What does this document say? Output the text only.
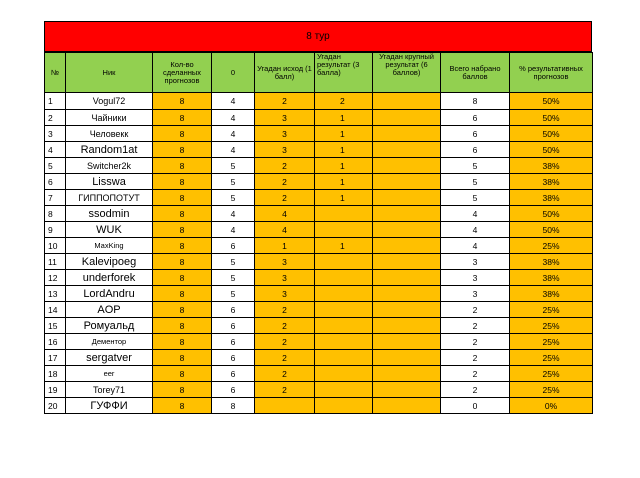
8 тур
№	Ник	Кол-во сделанных прогнозов	0	Угадан исход (1 балл)	Угадан результат (3 балла)	Угадан крупный результат (6 баллов)	Всего набрано баллов	% результативных прогнозов
1	Vogul72	8	4	2	2		8	50%
2	Чайники	8	4	3	1		6	50%
3	Человекк	8	4	3	1		6	50%
4	Random1at	8	4	3	1		6	50%
5	Switcher2k	8	5	2	1		5	38%
6	Lisswa	8	5	2	1		5	38%
7	ГИППОПОТУТ	8	5	2	1		5	38%
8	ssodmin	8	4	4			4	50%
9	WUK	8	4	4			4	50%
10	MaxKing	8	6	1	1		4	25%
11	Kalevipoeg	8	5	3			3	38%
12	underforek	8	5	3			3	38%
13	LordAndru	8	5	3			3	38%
14	AOP	8	6	2			2	25%
15	Ромуальд	8	6	2			2	25%
16	Дементор	8	6	2			2	25%
17	sergatver	8	6	2			2	25%
18	eer	8	6	2			2	25%
19	Torey71	8	6	2			2	25%
20	ГУФФИ	8	8				0	0%
